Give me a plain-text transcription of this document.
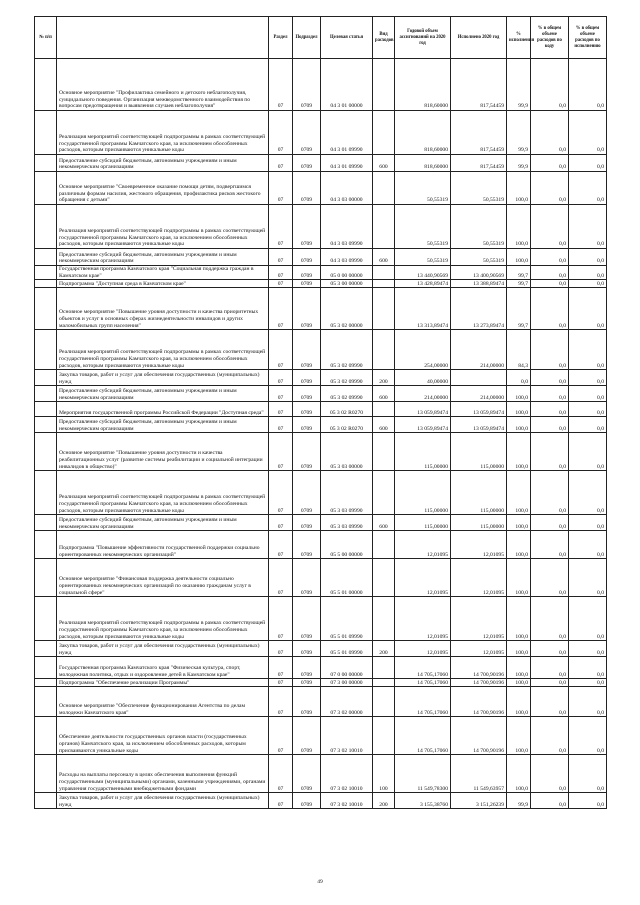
№ п/п		Раздел	Подраздел	Целевая статья	Вид расходов	Годовой объем ассигнований на 2020 год	Исполнено 2020 год	% исполнения	% в общем объеме расходов по коду	% в общем объеме расходов по исполнению
	Основное мероприятие "Профилактика семейного и детского неблагополучия, суицидального поведения. Организация межведомственного взаимодействия по вопросам предотвращения и выявления случаев неблагополучия"	07	0709	04 3 01 00000		818,60000	817,54459	99,9	0,0	0,0
	Реализация мероприятий соответствующей подпрограммы в рамках соответствующей государственной программы Камчатского края, за исключением обособленных расходов, которым присваиваются уникальные коды	07	0709	04 3 01 09990		818,60000	817,54459	99,9	0,0	0,0
	Предоставление субсидий бюджетным, автономным учреждениям и иным некоммерческим организациям	07	0709	04 3 01 09990	600	818,60000	817,54459	99,9	0,0	0,0
	Основное мероприятие "Своевременное оказание помощи детям, подвергшимся различным формам насилия, жестокого обращения, профилактика рисков жестокого обращения с детьми"	07	0709	04 3 03 00000		50,55319	50,55319	100,0	0,0	0,0
	Реализация мероприятий соответствующей подпрограммы в рамках соответствующей государственной программы Камчатского края, за исключением обособленных расходов, которым присваиваются уникальные коды	07	0709	04 3 03 09990		50,55319	50,55319	100,0	0,0	0,0
	Предоставление субсидий бюджетным, автономным учреждениям и иным некоммерческим организациям	07	0709	04 3 03 09990	600	50,55319	50,55319	100,0	0,0	0,0
	Государственная программа Камчатского края "Социальная поддержка граждан в Камчатском крае"	07	0709	05 0 00 00000		13 440,90569	13 400,90569	99,7	0,0	0,0
	Подпрограмма "Доступная среда в Камчатском крае"	07	0709	05 3 00 00000		13 428,89474	13 388,89474	99,7	0,0	0,0
	Основное мероприятие "Повышение уровня доступности и качества приоритетных объектов и услуг в основных сферах жизнедеятельности инвалидов и других маломобильных групп населения"	07	0709	05 3 02 00000		13 313,89474	13 273,89474	99,7	0,0	0,0
	Реализация мероприятий соответствующей подпрограммы в рамках соответствующей государственной программы Камчатского края, за исключением обособленных расходов, которым присваиваются уникальные коды	07	0709	05 3 02 09990		254,00000	214,00000	84,3	0,0	0,0
	Закупка товаров, работ и услуг для обеспечения государственных (муниципальных) нужд	07	0709	05 3 02 09990	200	40,00000		0,0	0,0	0,0
	Предоставление субсидий бюджетным, автономным учреждениям и иным некоммерческим организациям	07	0709	05 3 02 09990	600	214,00000	214,00000	100,0	0,0	0,0
	Мероприятия государственной программы Российской Федерации "Доступная среда"	07	0709	05 3 02 R0270		13 059,89474	13 059,89474	100,0	0,0	0,0
	Предоставление субсидий бюджетным, автономным учреждениям и иным некоммерческим организациям	07	0709	05 3 02 R0270	600	13 059,89474	13 059,89474	100,0	0,0	0,0
	Основное мероприятие "Повышение уровня доступности и качества реабилитационных услуг (развитие системы реабилитации и социальной интеграции инвалидов в общество)"	07	0709	05 3 03 00000		115,00000	115,00000	100,0	0,0	0,0
	Реализация мероприятий соответствующей подпрограммы в рамках соответствующей государственной программы Камчатского края, за исключением обособленных расходов, которым присваиваются уникальные коды	07	0709	05 3 03 09990		115,00000	115,00000	100,0	0,0	0,0
	Предоставление субсидий бюджетным, автономным учреждениям и иным некоммерческим организациям	07	0709	05 3 03 09990	600	115,00000	115,00000	100,0	0,0	0,0
	Подпрограмма "Повышение эффективности государственной поддержки социально ориентированных некоммерческих организаций"	07	0709	05 5 00 00000		12,01095	12,01095	100,0	0,0	0,0
	Основное мероприятие "Финансовая поддержка деятельности социально ориентированных некоммерческих организаций по оказанию гражданам услуг в социальной сфере"	07	0709	05 5 01 00000		12,01095	12,01095	100,0	0,0	0,0
	Реализация мероприятий соответствующей подпрограммы в рамках соответствующей государственной программы Камчатского края, за исключением обособленных расходов, которым присваиваются уникальные коды	07	0709	05 5 01 09990		12,01095	12,01095	100,0	0,0	0,0
	Закупка товаров, работ и услуг для обеспечения государственных (муниципальных) нужд	07	0709	05 5 01 09990	200	12,01095	12,01095	100,0	0,0	0,0
	Государственная программа Камчатского края "Физическая культура, спорт, молодежная политика, отдых и оздоровление детей в Камчатском крае"	07	0709	07 0 00 00000		14 705,17060	14 700,90196	100,0	0,0	0,0
	Подпрограмма "Обеспечение реализации Программы"	07	0709	07 3 00 00000		14 705,17060	14 700,90196	100,0	0,0	0,0
	Основное мероприятие "Обеспечение функционирования Агентства по делам молодежи Камчатского края"	07	0709	07 3 02 00000		14 705,17060	14 700,90196	100,0	0,0	0,0
	Обеспечение деятельности государственных органов власти (государственных органов) Камчатского края, за исключением обособленных расходов, которым присваиваются уникальные коды	07	0709	07 3 02 10010		14 705,17060	14 700,90196	100,0	0,0	0,0
	Расходы на выплаты персоналу в целях обеспечения выполнения функций государственными (муниципальными) органами, казенными учреждениями, органами управления государственными внебюджетными фондами	07	0709	07 3 02 10010	100	11 549,78300	11 549,63957	100,0	0,0	0,0
	Закупка товаров, работ и услуг для обеспечения государственных (муниципальных) нужд	07	0709	07 3 02 10010	200	3 155,38760	3 151,26239	99,9	0,0	0,0
49
